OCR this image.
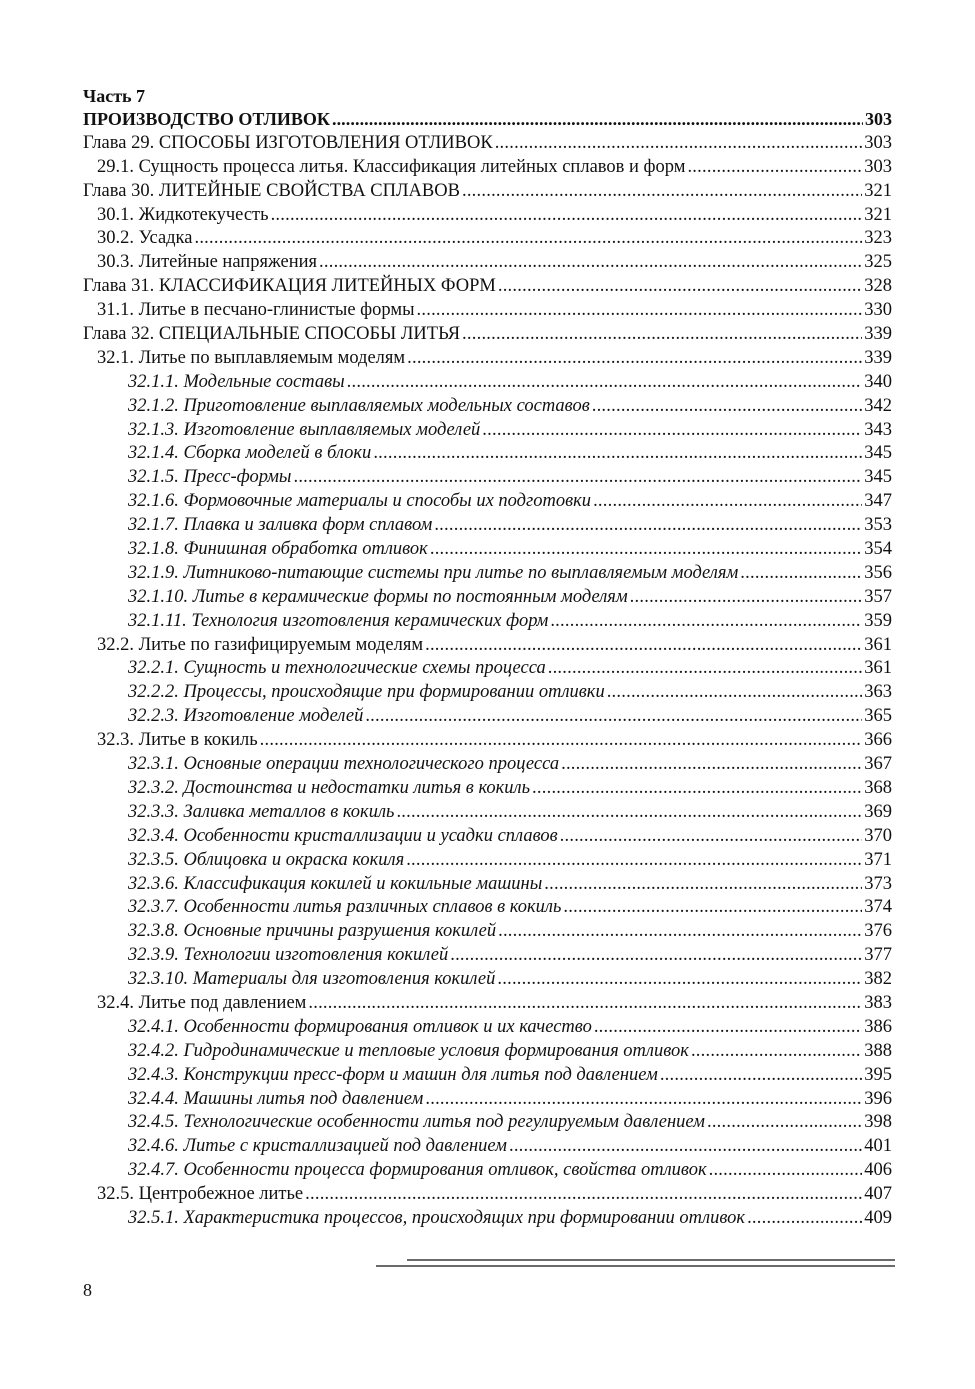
Часть 7
ПРОИЗВОДСТВО ОТЛИВОК . . .	303
Глава 29. СПОСОБЫ ИЗГОТОВЛЕНИЯ ОТЛИВОК . . .	303
29.1. Сущность процесса литья. Классификация литейных сплавов и форм . . .	303
Глава 30. ЛИТЕЙНЫЕ СВОЙСТВА СПЛАВОВ . . .	321
30.1. Жидкотекучесть . . .	321
30.2. Усадка . . .	323
30.3. Литейные напряжения . . .	325
Глава 31. КЛАССИФИКАЦИЯ ЛИТЕЙНЫХ ФОРМ . . .	328
31.1. Литье в песчано-глинистые формы . . .	330
Глава 32. СПЕЦИАЛЬНЫЕ СПОСОБЫ ЛИТЬЯ . . .	339
32.1. Литье по выплавляемым моделям . . .	339
32.1.1. Модельные составы . . .	340
32.1.2. Приготовление выплавляемых модельных составов . . .	342
32.1.3. Изготовление выплавляемых моделей . . .	343
32.1.4. Сборка моделей в блоки . . .	345
32.1.5. Пресс-формы . . .	345
32.1.6. Формовочные материалы и способы их подготовки . . .	347
32.1.7. Плавка и заливка форм сплавом . . .	353
32.1.8. Финишная обработка отливок . . .	354
32.1.9. Литниково-питающие системы при литье по выплавляемым моделям . . .	356
32.1.10. Литье в керамические формы по постоянным моделям . . .	357
32.1.11. Технология изготовления керамических форм . . .	359
32.2. Литье по газифицируемым моделям . . .	361
32.2.1. Сущность и технологические схемы процесса . . .	361
32.2.2. Процессы, происходящие при формировании отливки . . .	363
32.2.3. Изготовление моделей . . .	365
32.3. Литье в кокиль . . .	366
32.3.1. Основные операции технологического процесса . . .	367
32.3.2. Достоинства и недостатки литья в кокиль . . .	368
32.3.3. Заливка металлов в кокиль . . .	369
32.3.4. Особенности кристаллизации и усадки сплавов . . .	370
32.3.5. Облицовка и окраска кокиля . . .	371
32.3.6. Классификация кокилей и кокильные машины . . .	373
32.3.7. Особенности литья различных сплавов в кокиль . . .	374
32.3.8. Основные причины разрушения кокилей . . .	376
32.3.9. Технологии изготовления кокилей . . .	377
32.3.10. Материалы для изготовления кокилей . . .	382
32.4. Литье под давлением . . .	383
32.4.1. Особенности формирования отливок и их качество . . .	386
32.4.2. Гидродинамические и тепловые условия формирования отливок . . .	388
32.4.3. Конструкции пресс-форм и машин для литья под давлением . . .	395
32.4.4. Машины литья под давлением . . .	396
32.4.5. Технологические особенности литья под регулируемым давлением . . .	398
32.4.6. Литье с кристаллизацией под давлением . . .	401
32.4.7. Особенности процесса формирования отливок, свойства отливок . . .	406
32.5. Центробежное литье . . .	407
32.5.1. Характеристика процессов, происходящих при формировании отливок . . .	409
8
